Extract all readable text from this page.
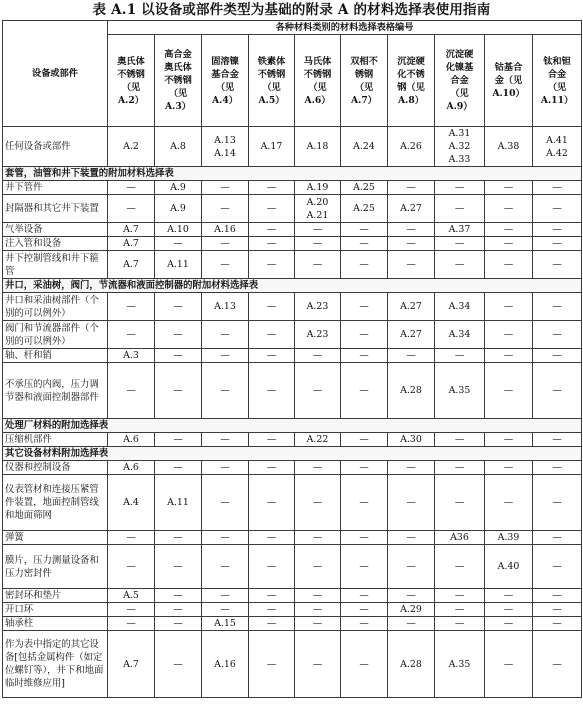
表 A.1 以设备或部件类型为基础的附录 A 的材料选择表使用指南
设备或部件	各种材料类别的材料选择表格编号									
	奥氏体
不锈钢
（见
A.2）	高合金
奥氏体
不锈钢
（见
A.3）	固溶镍
基合金
（见
A.4）	铁素体
不锈钢
（见
A.5）	马氏体
不锈钢
（见
A.6）	双相不
锈钢
（见
A.7）	沉淀硬
化不锈
钢（见
A.8）	沉淀硬
化镍基
合金
（见
A.9）	钴基合
金（见
A.10）	钛和钽
合金
（见
A.11）
任何设备或部件	A.2	A.8	A.13
A.14	A.17	A.18	A.24	A.26	A.31
A.32
A.33	A.38	A.41
A.42
套管，油管和井下装置的附加材料选择表										
井下管件	—	A.9	—	—	A.19	A.25	—	—	—	—
封隔器和其它井下装置	—	A.9	—	—	A.20
A.21	A.25	A.27	—	—	—
气举设备	A.7	A.10	A.16	—	—	—	—	A.37	—	—
注入管和设备	A.7	—	—	—	—	—	—	—	—	—
井下控制管线和井下箍管	A.7	A.11	—	—	—	—	—	—	—	—
井口，采油树，阀门，节流器和液面控制器的附加材料选择表										
井口和采油树部件（个别的可以例外）	—	—	A.13	—	A.23	—	A.27	A.34	—	—
阀门和节流器部件（个别的可以例外）	—	—	—	—	A.23	—	A.27	A.34	—	—
轴、杆和销	A.3	—	—	—	—	—	—	—	—	—
不承压的内阀，压力调节器和液面控制器部件	—	—	—	—	—	—	A.28	A.35	—	—
处理厂材料的附加选择表										
压缩机部件	A.6	—	—	—	A.22	—	A.30	—	—	—
其它设备材料附加选择表										
仪器和控制设备	A.6	—	—	—	—	—	—	—	—	—
仪表管材和连接压紧管件装置，地面控制管线和地面筛网	A.4	A.11	—	—	—	—	—	—	—	—
弹簧	—	—	—	—	—	—	—	A36	A.39	—
膜片，压力测量设备和压力密封件	—	—	—	—	—	—	—	—	A.40	—
密封环和垫片	A.5	—	—	—	—	—	—	—	—	—
开口环	—	—	—	—	—	—	A.29	—	—	—
轴承柱	—	—	A.15	—	—	—	—	—	—	—
作为表中指定的其它设备[包括金属构件（如定位螺钉等），井下和地面临时维修应用]	A.7	—	A.16	—	—	—	A.28	A.35	—	—
